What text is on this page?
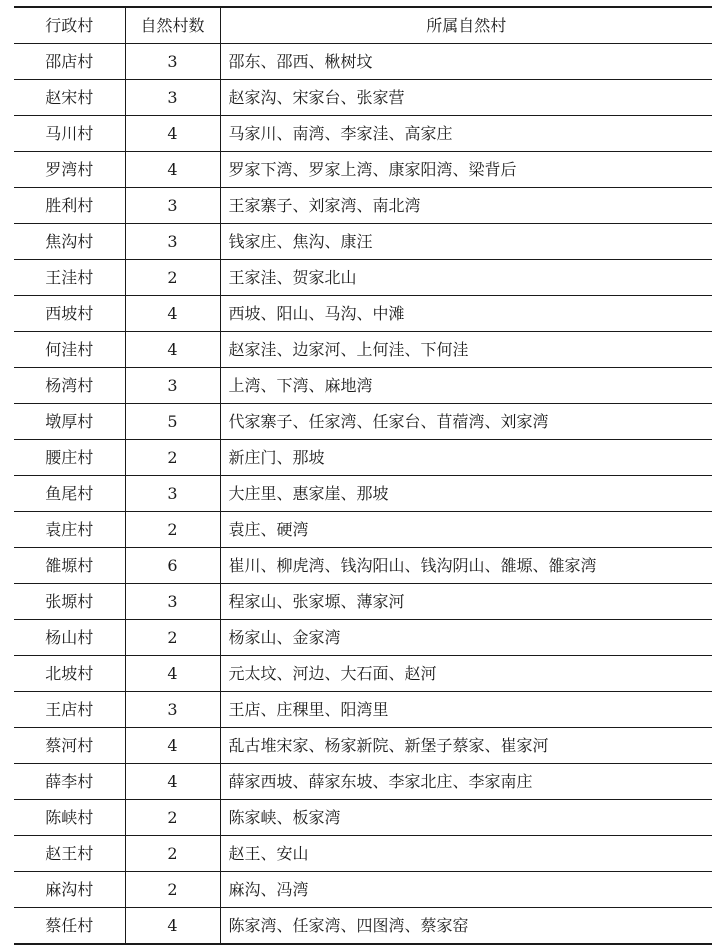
行政村	自然村数	所属自然村
邵店村	3	邵东、邵西、楸树坟
赵宋村	3	赵家沟、宋家台、张家营
马川村	4	马家川、南湾、李家洼、高家庄
罗湾村	4	罗家下湾、罗家上湾、康家阳湾、梁背后
胜利村	3	王家寨子、刘家湾、南北湾
焦沟村	3	钱家庄、焦沟、康汪
王洼村	2	王家洼、贺家北山
西坡村	4	西坡、阳山、马沟、中滩
何洼村	4	赵家洼、边家河、上何洼、下何洼
杨湾村	3	上湾、下湾、麻地湾
墩厚村	5	代家寨子、任家湾、任家台、苜蓿湾、刘家湾
腰庄村	2	新庄门、那坡
鱼尾村	3	大庄里、惠家崖、那坡
袁庄村	2	袁庄、硬湾
雒塬村	6	崔川、柳虎湾、钱沟阳山、钱沟阴山、雒塬、雒家湾
张塬村	3	程家山、张家塬、薄家河
杨山村	2	杨家山、金家湾
北坡村	4	元太坟、河边、大石面、赵河
王店村	3	王店、庄稞里、阳湾里
蔡河村	4	乱古堆宋家、杨家新院、新堡子蔡家、崔家河
薛李村	4	薛家西坡、薛家东坡、李家北庄、李家南庄
陈峡村	2	陈家峡、板家湾
赵王村	2	赵王、安山
麻沟村	2	麻沟、冯湾
蔡任村	4	陈家湾、任家湾、四图湾、蔡家窑
